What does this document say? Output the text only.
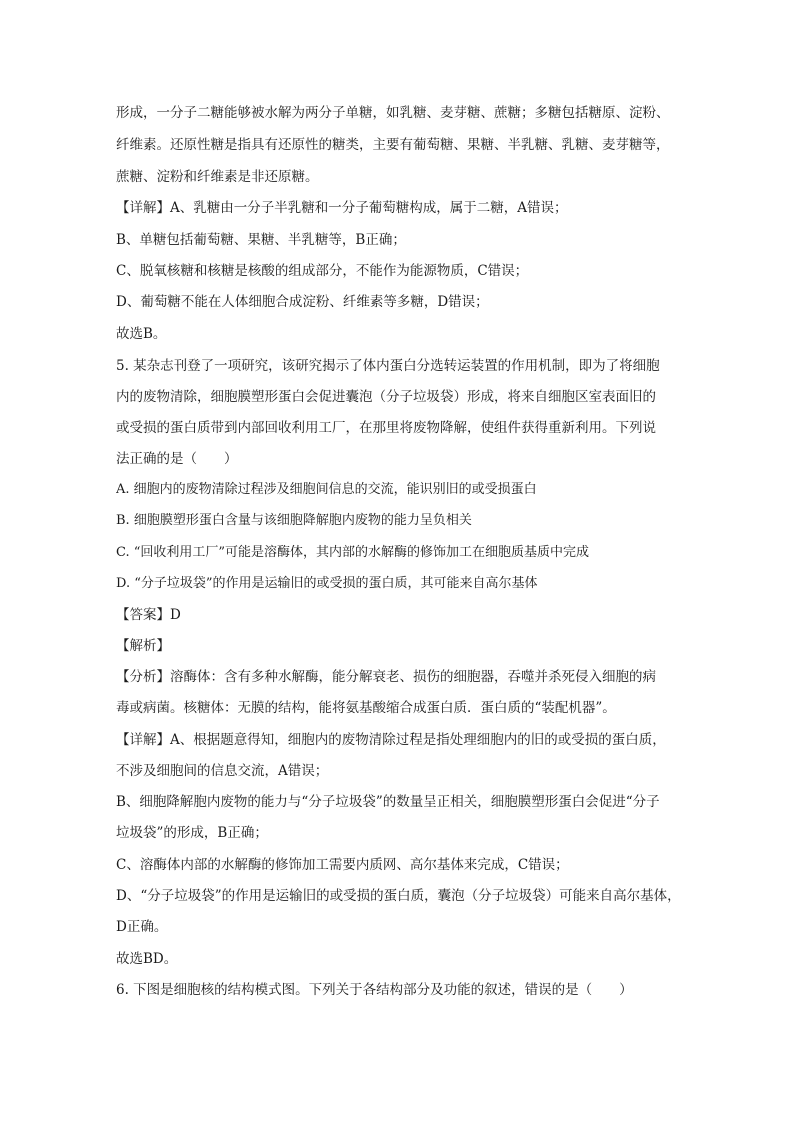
形成，一分子二糖能够被水解为两分子单糖，如乳糖、麦芽糖、蔗糖；多糖包括糖原、淀粉、
纤维素。还原性糖是指具有还原性的糖类，主要有葡萄糖、果糖、半乳糖、乳糖、麦芽糖等，
蔗糖、淀粉和纤维素是非还原糖。
【详解】A、乳糖由一分子半乳糖和一分子葡萄糖构成，属于二糖，A错误；
B、单糖包括葡萄糖、果糖、半乳糖等，B正确；
C、脱氧核糖和核糖是核酸的组成部分，不能作为能源物质，C错误；
D、葡萄糖不能在人体细胞合成淀粉、纤维素等多糖，D错误；
故选B。
5. 某杂志刊登了一项研究，该研究揭示了体内蛋白分选转运装置的作用机制，即为了将细胞
内的废物清除，细胞膜塑形蛋白会促进囊泡（分子垃圾袋）形成，将来自细胞区室表面旧的
或受损的蛋白质带到内部回收利用工厂，在那里将废物降解，使组件获得重新利用。下列说
法正确的是（　　）
A. 细胞内的废物清除过程涉及细胞间信息的交流，能识别旧的或受损蛋白
B. 细胞膜塑形蛋白含量与该细胞降解胞内废物的能力呈负相关
C. “回收利用工厂”可能是溶酶体，其内部的水解酶的修饰加工在细胞质基质中完成
D. “分子垃圾袋”的作用是运输旧的或受损的蛋白质，其可能来自高尔基体
【答案】D
【解析】
【分析】溶酶体：含有多种水解酶，能分解衰老、损伤的细胞器，吞噬并杀死侵入细胞的病
毒或病菌。核糖体：无膜的结构，能将氨基酸缩合成蛋白质．蛋白质的“装配机器”。
【详解】A、根据题意得知，细胞内的废物清除过程是指处理细胞内的旧的或受损的蛋白质，
不涉及细胞间的信息交流，A错误；
B、细胞降解胞内废物的能力与“分子垃圾袋”的数量呈正相关，细胞膜塑形蛋白会促进“分子
垃圾袋”的形成，B正确；
C、溶酶体内部的水解酶的修饰加工需要内质网、高尔基体来完成，C错误；
D、“分子垃圾袋”的作用是运输旧的或受损的蛋白质，囊泡（分子垃圾袋）可能来自高尔基体，
D正确。
故选BD。
6. 下图是细胞核的结构模式图。下列关于各结构部分及功能的叙述，错误的是（　　）
